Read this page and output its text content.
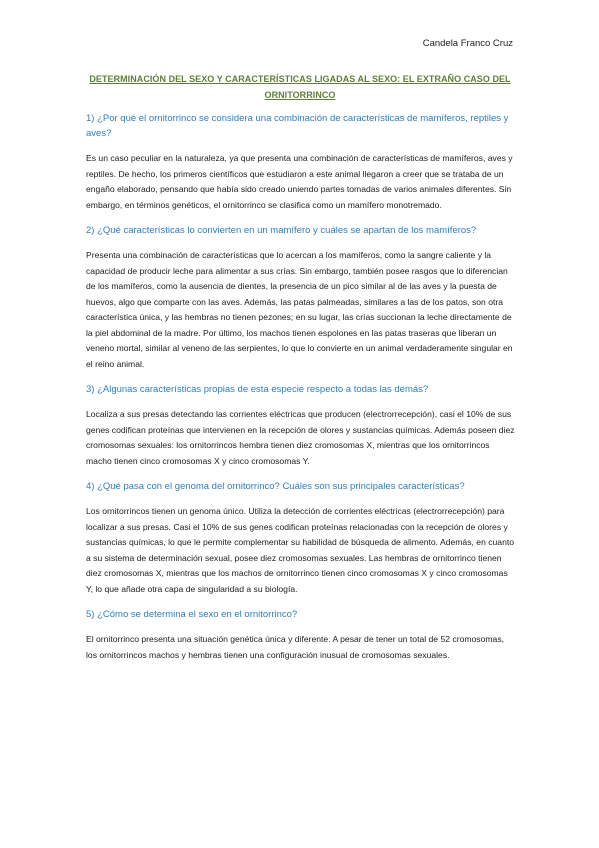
Candela Franco Cruz
DETERMINACIÓN DEL SEXO Y CARACTERÍSTICAS LIGADAS AL SEXO: EL EXTRAÑO CASO DEL ORNITORRINCO
1) ¿Por qué el ornitorrinco se considera una combinación de características de mamíferos, reptiles y aves?
Es un caso peculiar en la naturaleza, ya que presenta una combinación de características de mamíferos, aves y reptiles. De hecho, los primeros científicos que estudiaron a este animal llegaron a creer que se trataba de un engaño elaborado, pensando que había sido creado uniendo partes tomadas de varios animales diferentes. Sin embargo, en términos genéticos, el ornitorrinco se clasifica como un mamífero monotremado.
2) ¿Qué características lo convierten en un mamífero y cuáles se apartan de los mamíferos?
Presenta una combinación de características que lo acercan a los mamíferos, como la sangre caliente y la capacidad de producir leche para alimentar a sus crías. Sin embargo, también posee rasgos que lo diferencian de los mamíferos, como la ausencia de dientes, la presencia de un pico similar al de las aves y la puesta de huevos, algo que comparte con las aves. Además, las patas palmeadas, similares a las de los patos, son otra característica única, y las hembras no tienen pezones; en su lugar, las crías succionan la leche directamente de la piel abdominal de la madre. Por último, los machos tienen espolones en las patas traseras que liberan un veneno mortal, similar al veneno de las serpientes, lo que lo convierte en un animal verdaderamente singular en el reino animal.
3) ¿Algunas características propias de esta especie respecto a todas las demás?
Localiza a sus presas detectando las corrientes eléctricas que producen (electrorrecepción), casi el 10% de sus genes codifican proteínas que intervienen en la recepción de olores y sustancias químicas. Además poseen diez cromosomas sexuales: los ornitorrincos hembra tienen diez cromosomas X, mientras que los ornitorrincos macho tienen cinco cromosomas X y cinco cromosomas Y.
4) ¿Qué pasa con el genoma del ornitorrinco? Cuáles son sus principales características?
Los ornitorrincos tienen un genoma único. Utiliza la detección de corrientes eléctricas (electrorrecepción) para localizar a sus presas. Casi el 10% de sus genes codifican proteínas relacionadas con la recepción de olores y sustancias químicas, lo que le permite complementar su habilidad de búsqueda de alimento. Además, en cuanto a su sistema de determinación sexual, posee diez cromosomas sexuales. Las hembras de ornitorrinco tienen diez cromosomas X, mientras que los machos de ornitorrinco tienen cinco cromosomas X y cinco cromosomas Y, lo que añade otra capa de singularidad a su biología.
5) ¿Cómo se determina el sexo en el ornitorrinco?
El ornitorrinco presenta una situación genética única y diferente. A pesar de tener un total de 52 cromosomas, los ornitorrincos machos y hembras tienen una configuración inusual de cromosomas sexuales.
